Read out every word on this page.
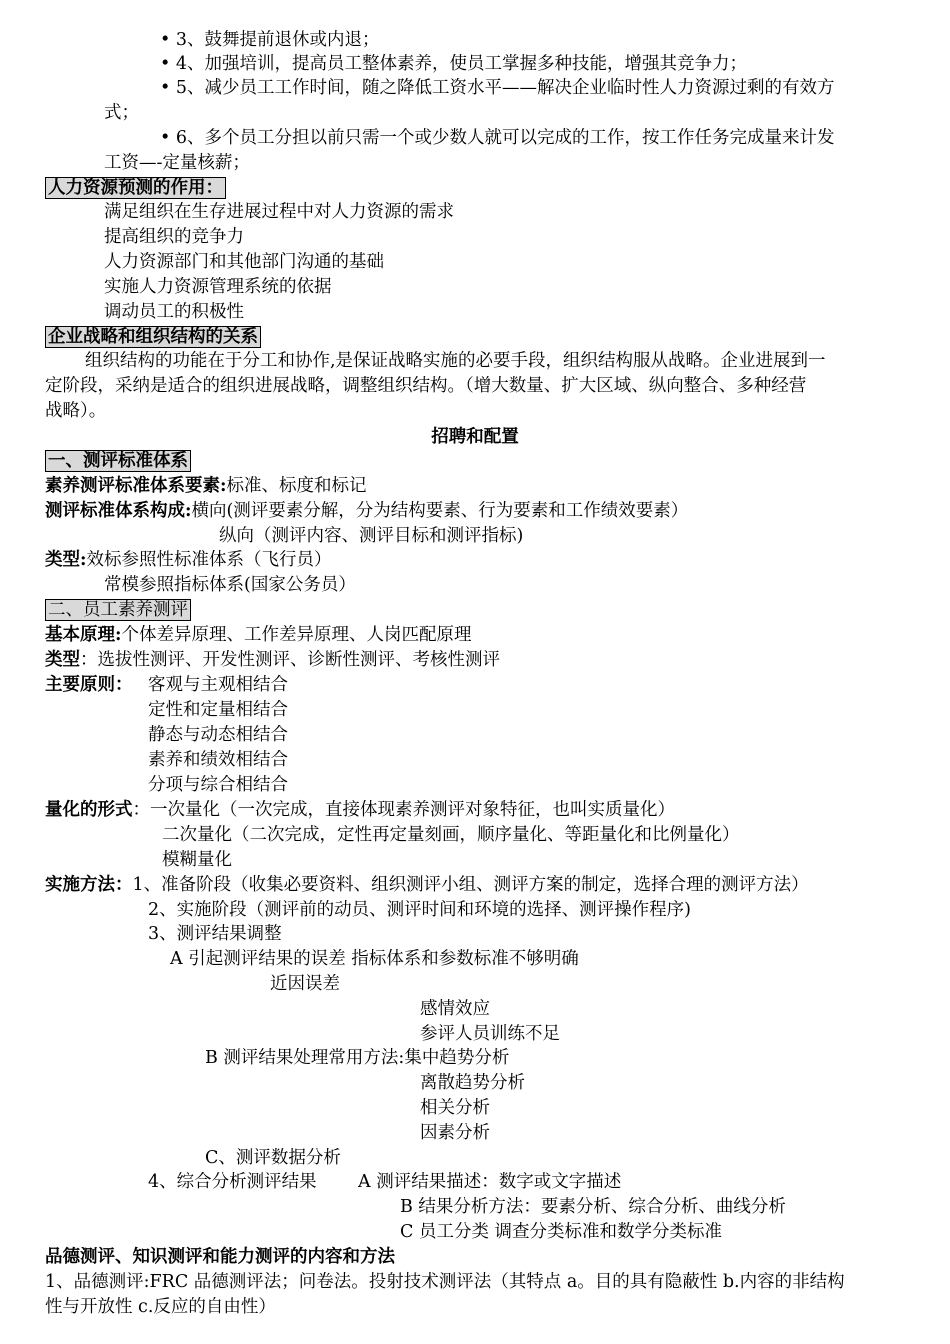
• 3、鼓舞提前退休或内退；
• 4、加强培训，提高员工整体素养，使员工掌握多种技能，增强其竞争力；
• 5、减少员工工作时间，随之降低工资水平——解决企业临时性人力资源过剩的有效方
式；
• 6、多个员工分担以前只需一个或少数人就可以完成的工作，按工作任务完成量来计发
工资—-定量核薪；
人力资源预测的作用：
满足组织在生存进展过程中对人力资源的需求
提高组织的竞争力
人力资源部门和其他部门沟通的基础
实施人力资源管理系统的依据
调动员工的积极性
企业战略和组织结构的关系
组织结构的功能在于分工和协作,是保证战略实施的必要手段，组织结构服从战略。企业进展到一
定阶段，采纳是适合的组织进展战略，调整组织结构。（增大数量、扩大区域、纵向整合、多种经营
战略）。
招聘和配置
一、测评标准体系
素养测评标准体系要素:标准、标度和标记
测评标准体系构成:横向(测评要素分解，分为结构要素、行为要素和工作绩效要素）
纵向（测评内容、测评目标和测评指标)
类型:效标参照性标准体系（飞行员）
常模参照指标体系(国家公务员）
二、员工素养测评
基本原理:个体差异原理、工作差异原理、人岗匹配原理
类型：选拔性测评、开发性测评、诊断性测评、考核性测评
主要原则： 客观与主观相结合
定性和定量相结合
静态与动态相结合
素养和绩效相结合
分项与综合相结合
量化的形式：一次量化（一次完成，直接体现素养测评对象特征，也叫实质量化）
二次量化（二次完成，定性再定量刻画，顺序量化、等距量化和比例量化）
模糊量化
实施方法：1、准备阶段（收集必要资料、组织测评小组、测评方案的制定，选择合理的测评方法）
2、实施阶段（测评前的动员、测评时间和环境的选择、测评操作程序)
3、测评结果调整
A 引起测评结果的误差 指标体系和参数标准不够明确
近因误差
感情效应
参评人员训练不足
B 测评结果处理常用方法:集中趋势分析
离散趋势分析
相关分析
因素分析
C、测评数据分析
4、综合分析测评结果 A 测评结果描述：数字或文字描述
B 结果分析方法：要素分析、综合分析、曲线分析
C 员工分类 调查分类标准和数学分类标准
品德测评、知识测评和能力测评的内容和方法
1、品德测评:FRC 品德测评法；问卷法。投射技术测评法（其特点 a。目的具有隐蔽性 b.内容的非结构
性与开放性 c.反应的自由性）
